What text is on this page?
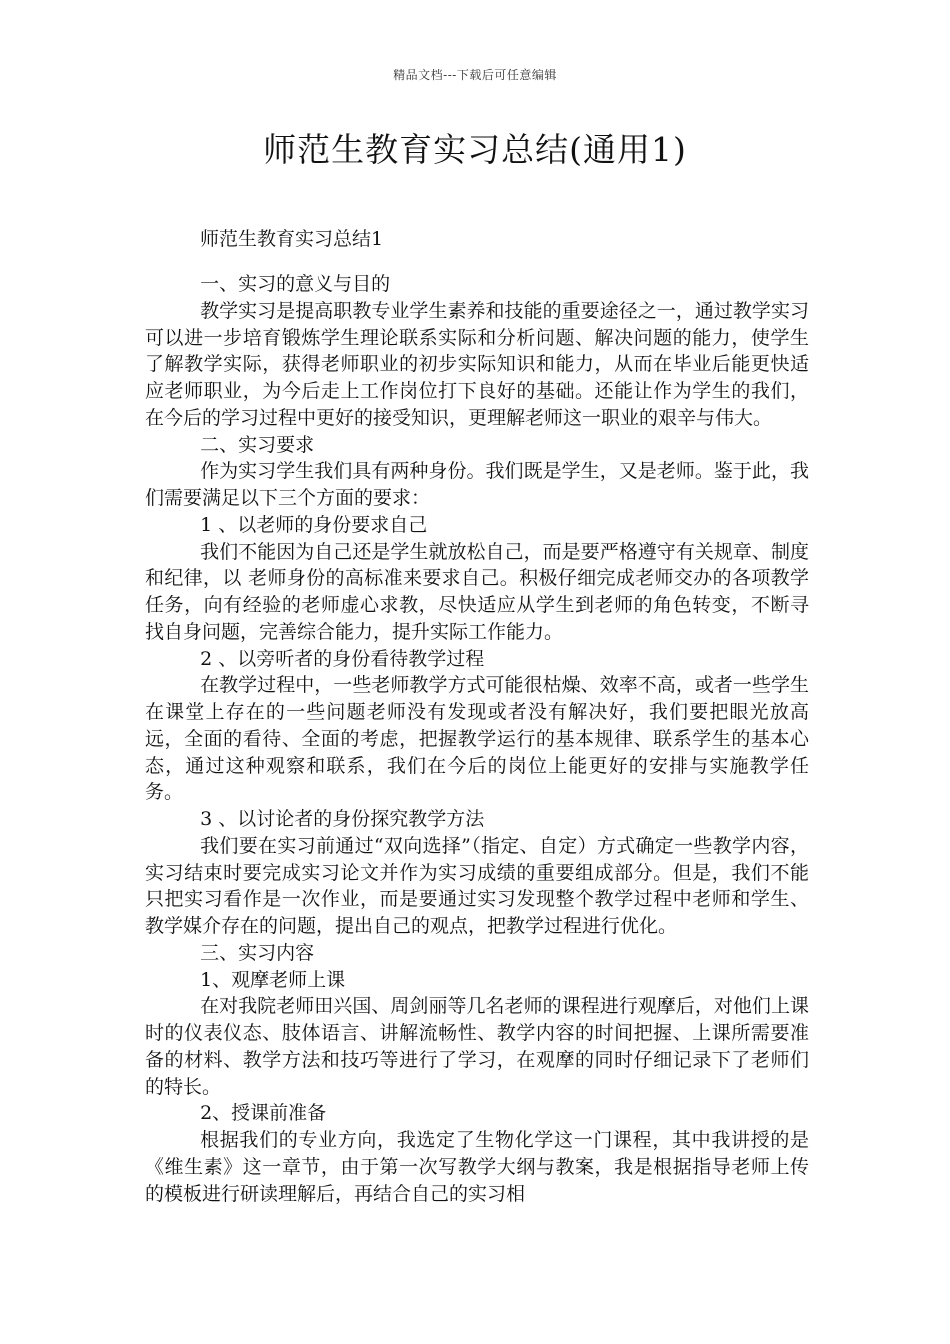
精品文档---下载后可任意编辑
师范生教育实习总结(通用1)
师范生教育实习总结1

一、实习的意义与目的

教学实习是提高职教专业学生素养和技能的重要途径之一，通过教学实习可以进一步培育锻炼学生理论联系实际和分析问题、解决问题的能力，使学生了解教学实际，获得老师职业的初步实际知识和能力，从而在毕业后能更快适应老师职业，为今后走上工作岗位打下良好的基础。还能让作为学生的我们，在今后的学习过程中更好的接受知识，更理解老师这一职业的艰辛与伟大。

二、实习要求

作为实习学生我们具有两种身份。我们既是学生，又是老师。鉴于此，我们需要满足以下三个方面的要求：

1 、以老师的身份要求自己

我们不能因为自己还是学生就放松自己，而是要严格遵守有关规章、制度和纪律，以 老师身份的高标准来要求自己。积极仔细完成老师交办的各项教学任务，向有经验的老师虚心求教，尽快适应从学生到老师的角色转变，不断寻找自身问题，完善综合能力，提升实际工作能力。

2 、以旁听者的身份看待教学过程

在教学过程中，一些老师教学方式可能很枯燥、效率不高，或者一些学生在课堂上存在的一些问题老师没有发现或者没有解决好，我们要把眼光放高远，全面的看待、全面的考虑，把握教学运行的基本规律、联系学生的基本心态，通过这种观察和联系，我们在今后的岗位上能更好的安排与实施教学任务。

3 、以讨论者的身份探究教学方法

我们要在实习前通过“双向选择”（指定、自定）方式确定一些教学内容，实习结束时要完成实习论文并作为实习成绩的重要组成部分。但是，我们不能只把实习看作是一次作业，而是要通过实习发现整个教学过程中老师和学生、教学媒介存在的问题，提出自己的观点，把教学过程进行优化。

三、实习内容

1、观摩老师上课

在对我院老师田兴国、周剑丽等几名老师的课程进行观摩后，对他们上课时的仪表仪态、肢体语言、讲解流畅性、教学内容的时间把握、上课所需要准备的材料、教学方法和技巧等进行了学习，在观摩的同时仔细记录下了老师们的特长。

2、授课前准备

根据我们的专业方向，我选定了生物化学这一门课程，其中我讲授的是《维生素》这一章节，由于第一次写教学大纲与教案，我是根据指导老师上传的模板进行研读理解后，再结合自己的实习相
